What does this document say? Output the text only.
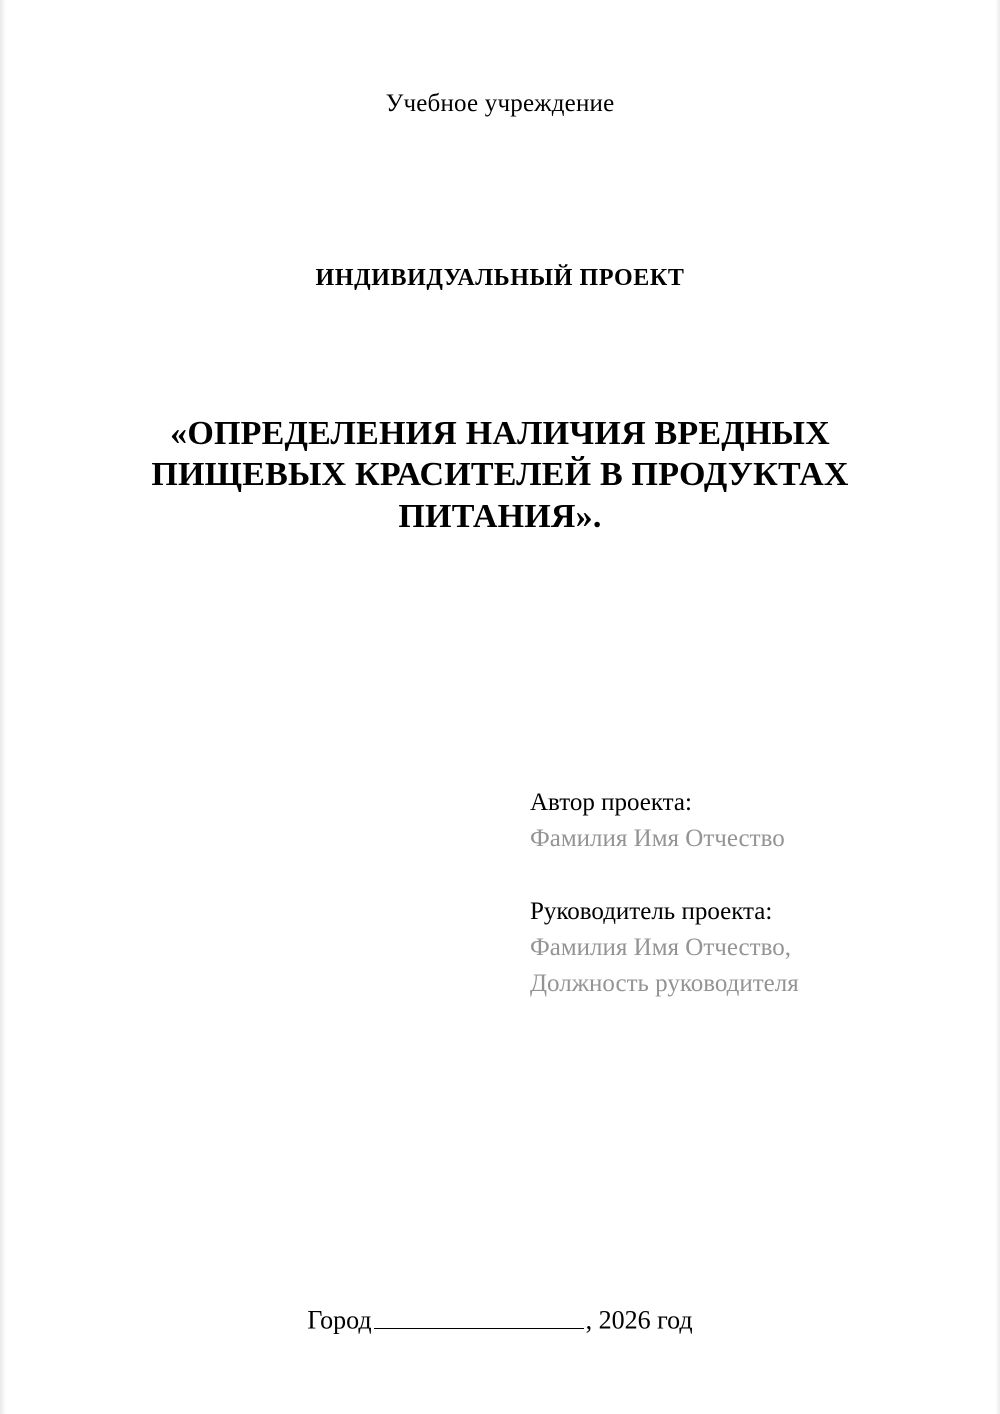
Учебное учреждение
ИНДИВИДУАЛЬНЫЙ ПРОЕКТ
«ОПРЕДЕЛЕНИЯ НАЛИЧИЯ ВРЕДНЫХ ПИЩЕВЫХ КРАСИТЕЛЕЙ В ПРОДУКТАХ ПИТАНИЯ».
Автор проекта:
Фамилия Имя Отчество
Руководитель проекта:
Фамилия Имя Отчество,
Должность руководителя
Город	, 2026 год
